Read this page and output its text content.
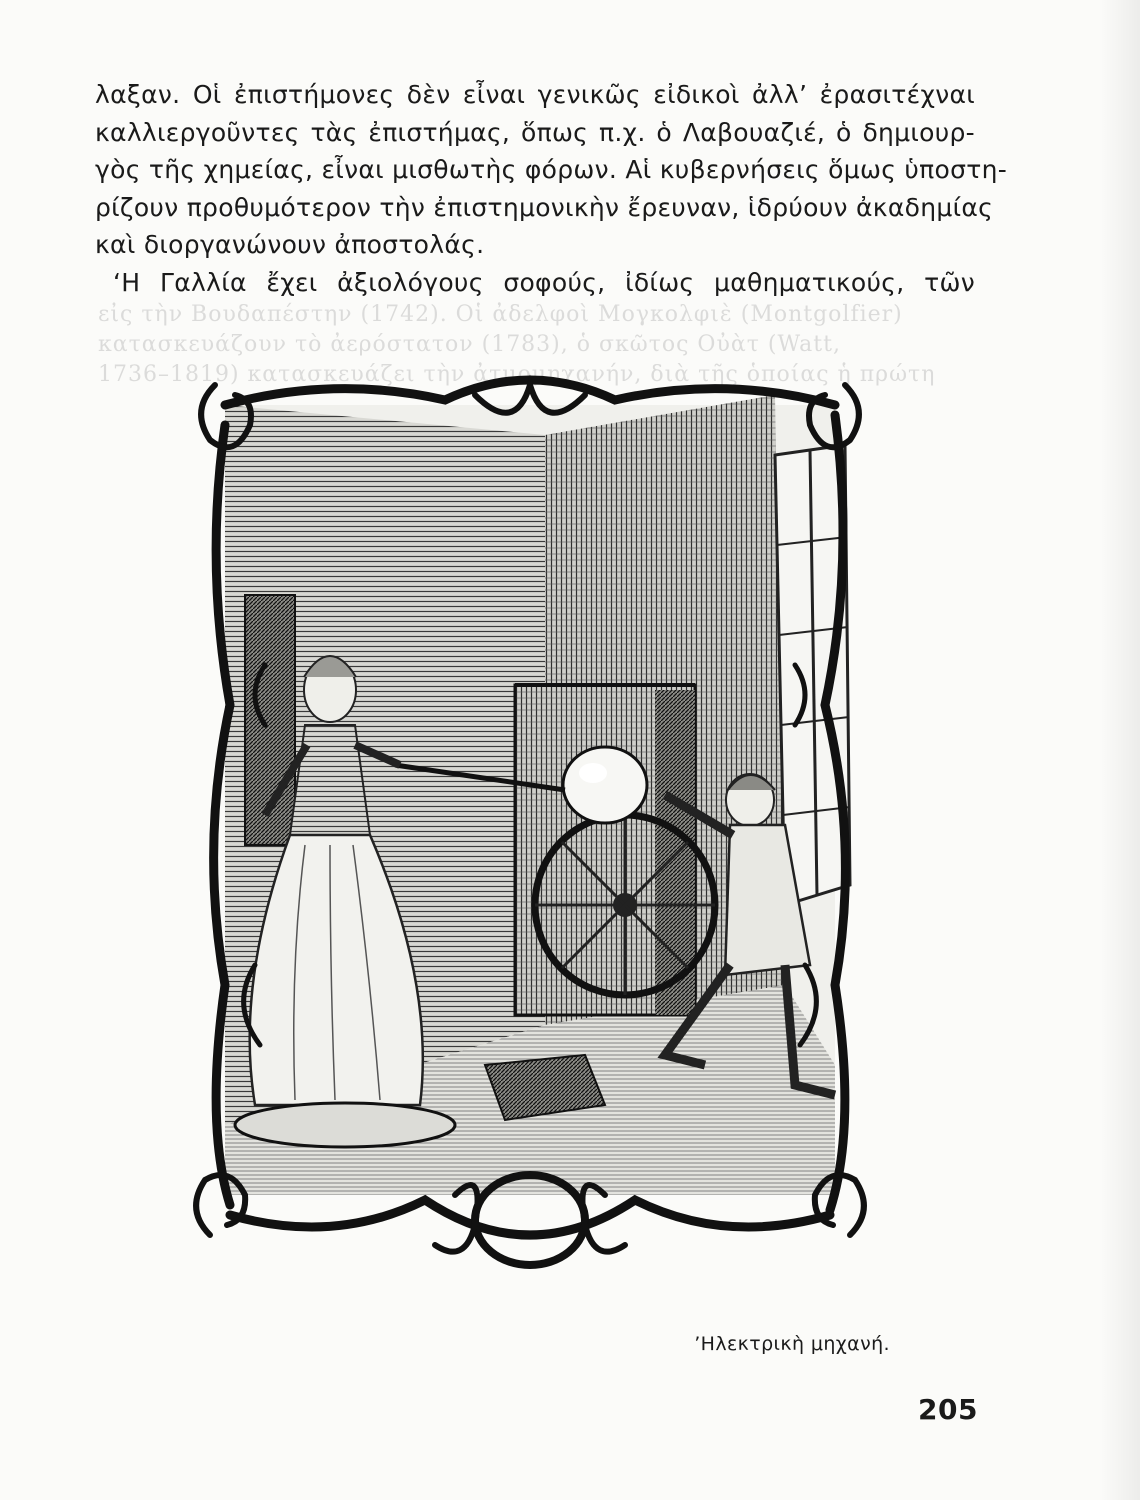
εἰς τὴν Βουδαπέστην (1742). Οἱ ἀδελφοὶ Μογκολφιὲ (Montgolfier)
κατασκευάζουν τὸ ἀερόστατον (1783), ὁ σκῶτος Οὐὰτ (Watt,
1736–1819) κατασκευάζει τὴν ἀτμομηχανήν, διὰ τῆς ὁποίας ἡ πρώτη
λαξαν. Οἱ ἐπιστήμονες δὲν εἶναι γενικῶς εἰδικοὶ ἀλλ’ ἐρασιτέχναι
καλλιεργοῦντες τὰς ἐπιστήμας, ὅπως π.χ. ὁ Λαβουαζιέ, ὁ δημιουρ-
γὸς τῆς χημείας, εἶναι μισθωτὴς φόρων. Αἱ κυβερνήσεις ὅμως ὑποστη-
ρίζουν προθυμότερον τὴν ἐπιστημονικὴν ἔρευναν, ἱδρύουν ἀκαδημίας
καὶ διοργανώνουν ἀποστολάς.
‘Η Γαλλία ἔχει ἀξιολόγους σοφούς, ἰδίως μαθηματικούς, τῶν
’Ηλεκτρικὴ μηχανή.
205
